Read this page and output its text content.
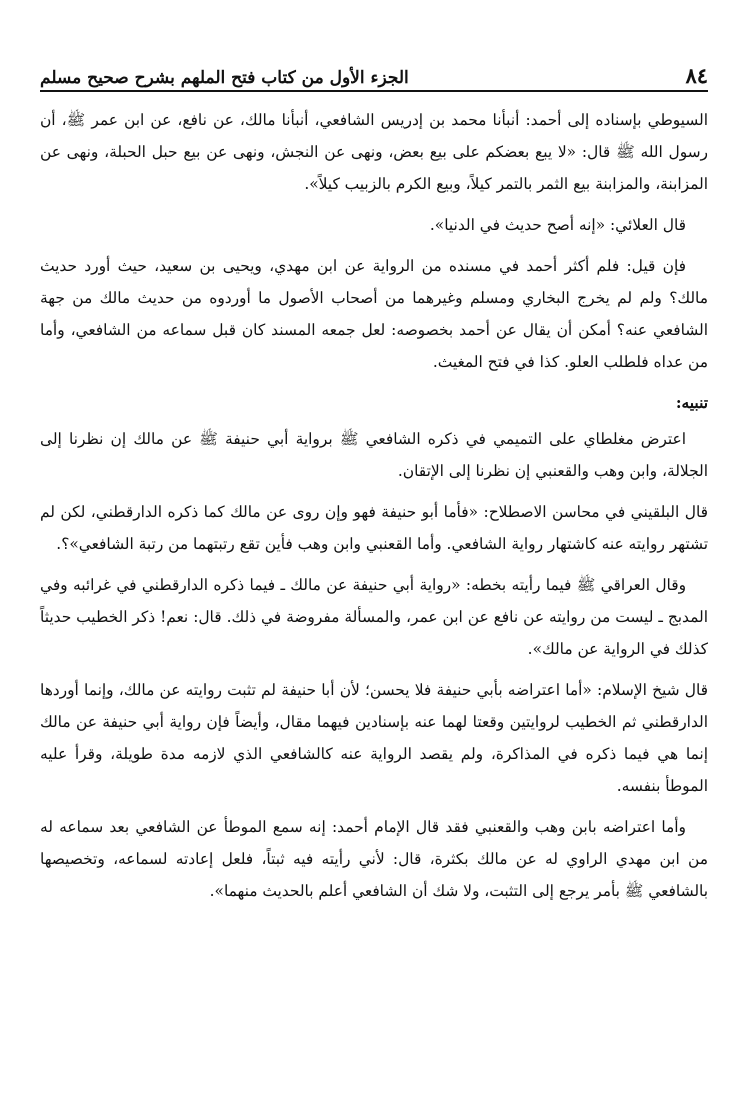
٨٤
الجزء الأول من كتاب فتح الملهم بشرح صحيح مسلم

السيوطي بإسناده إلى أحمد: أنبأنا محمد بن إدريس الشافعي، أنبأنا مالك، عن نافع، عن ابن عمر ﷺ، أن رسول الله ﷺ قال: «لا يبع بعضكم على بيع بعض، ونهى عن النجش، ونهى عن بيع حبل الحبلة، ونهى عن المزابنة، والمزابنة بيع الثمر بالتمر كيلاً، وبيع الكرم بالزبيب كيلاً».

قال العلائي: «إنه أصح حديث في الدنيا».

فإن قيل: فلم أكثر أحمد في مسنده من الرواية عن ابن مهدي، ويحيى بن سعيد، حيث أورد حديث مالك؟ ولم لم يخرج البخاري ومسلم وغيرهما من أصحاب الأصول ما أوردوه من حديث مالك من جهة الشافعي عنه؟ أمكن أن يقال عن أحمد بخصوصه: لعل جمعه المسند كان قبل سماعه من الشافعي، وأما من عداه فلطلب العلو. كذا في فتح المغيث.

تنبيه:

اعترض مغلطاي على التميمي في ذكره الشافعي ﷺ برواية أبي حنيفة ﷺ عن مالك إن نظرنا إلى الجلالة، وابن وهب والقعنبي إن نظرنا إلى الإتقان.

قال البلقيني في محاسن الاصطلاح: «فأما أبو حنيفة فهو وإن روى عن مالك كما ذكره الدارقطني، لكن لم تشتهر روايته عنه كاشتهار رواية الشافعي. وأما القعنبي وابن وهب فأين تقع رتبتهما من رتبة الشافعي»؟.

وقال العراقي ﷺ فيما رأيته بخطه: «رواية أبي حنيفة عن مالك ـ فيما ذكره الدارقطني في غرائبه وفي المدبج ـ ليست من روايته عن نافع عن ابن عمر، والمسألة مفروضة في ذلك. قال: نعم! ذكر الخطيب حديثاً كذلك في الرواية عن مالك».

قال شيخ الإسلام: «أما اعتراضه بأبي حنيفة فلا يحسن؛ لأن أبا حنيفة لم تثبت روايته عن مالك، وإنما أوردها الدارقطني ثم الخطيب لروايتين وقعتا لهما عنه بإسنادين فيهما مقال، وأيضاً فإن رواية أبي حنيفة عن مالك إنما هي فيما ذكره في المذاكرة، ولم يقصد الرواية عنه كالشافعي الذي لازمه مدة طويلة، وقرأ عليه الموطأ بنفسه.

وأما اعتراضه بابن وهب والقعنبي فقد قال الإمام أحمد: إنه سمع الموطأ عن الشافعي بعد سماعه له من ابن مهدي الراوي له عن مالك بكثرة، قال: لأني رأيته فيه ثبتاً، فلعل إعادته لسماعه، وتخصيصها بالشافعي ﷺ بأمر يرجع إلى التثبت، ولا شك أن الشافعي أعلم بالحديث منهما».
